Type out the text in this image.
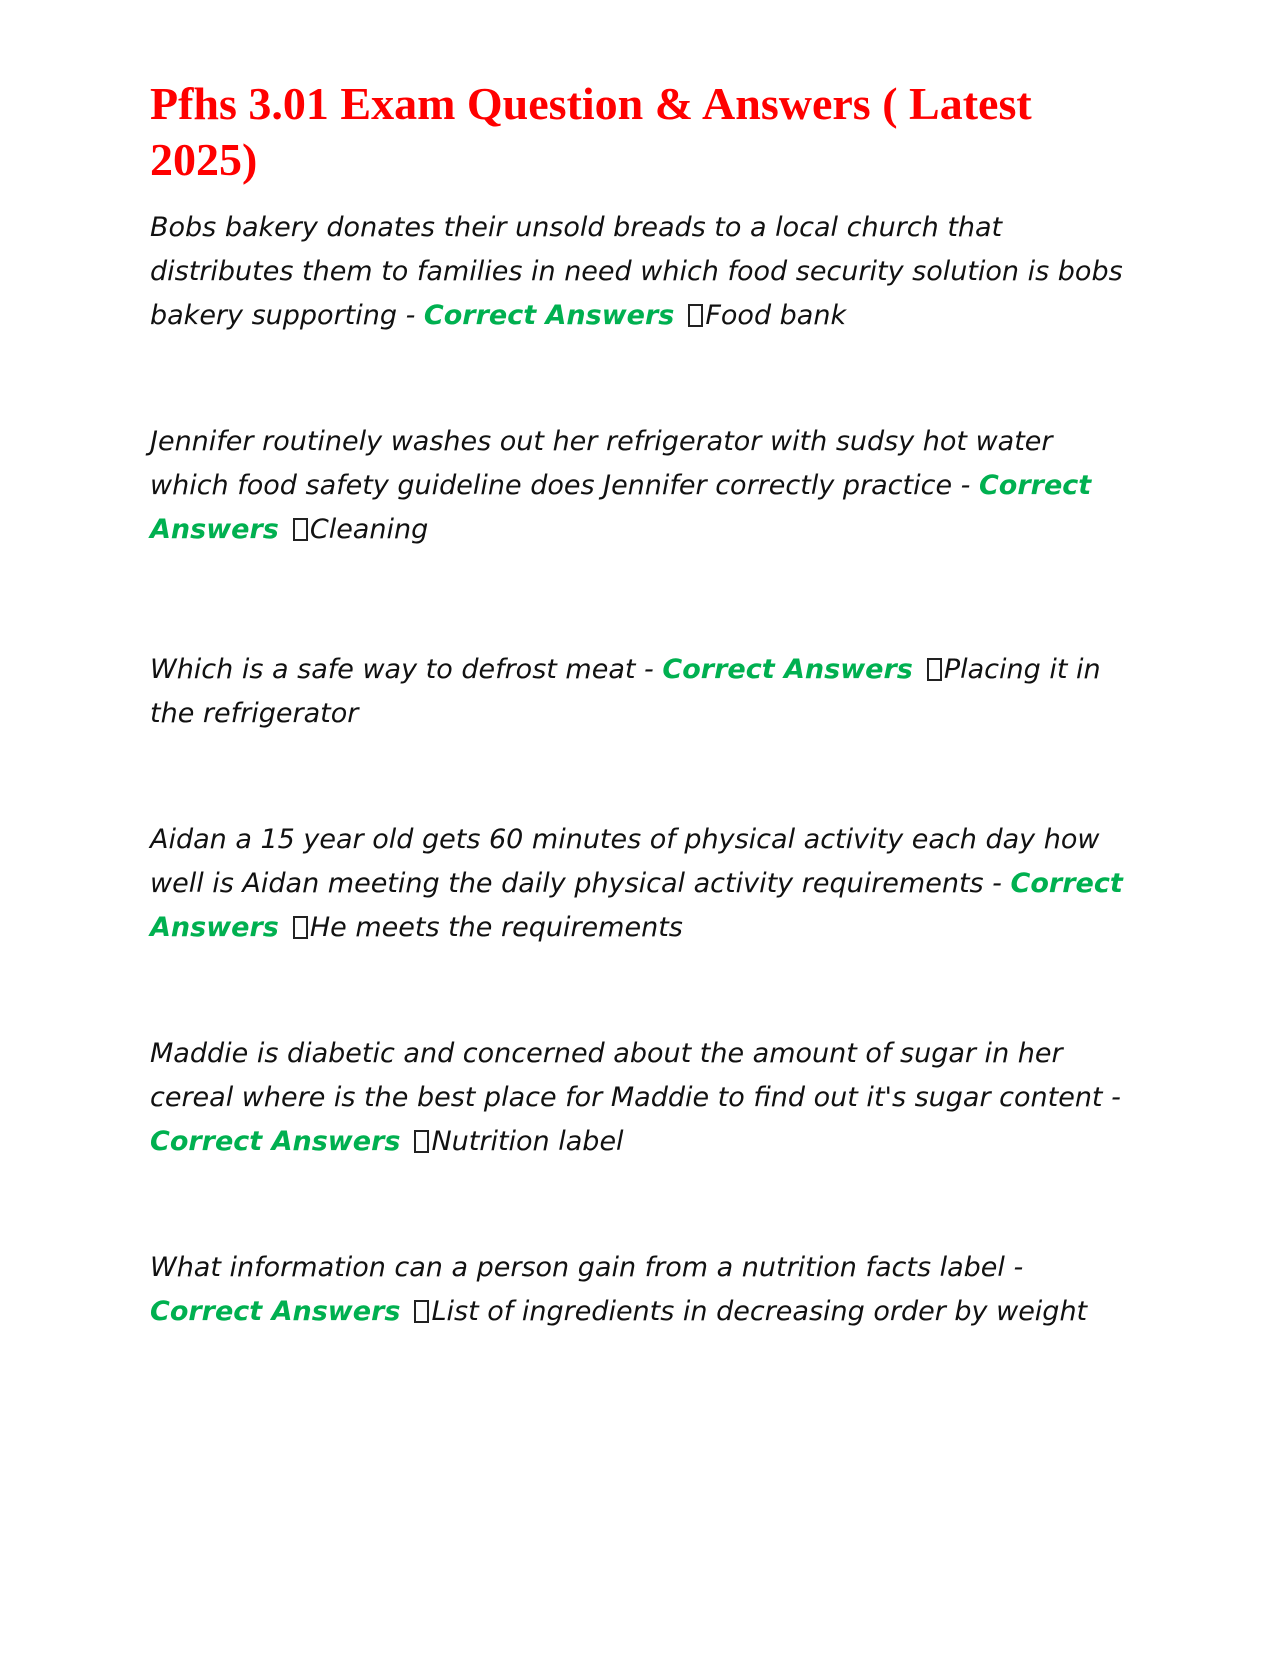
Pfhs 3.01 Exam Question & Answers ( Latest 2025)

Bobs bakery donates their unsold breads to a local church that distributes them to families in need which food security solution is bobs bakery supporting - Correct Answers Food bank

Jennifer routinely washes out her refrigerator with sudsy hot water which food safety guideline does Jennifer correctly practice - Correct Answers Cleaning

Which is a safe way to defrost meat - Correct Answers Placing it in the refrigerator

Aidan a 15 year old gets 60 minutes of physical activity each day how well is Aidan meeting the daily physical activity requirements - Correct Answers He meets the requirements

Maddie is diabetic and concerned about the amount of sugar in her cereal where is the best place for Maddie to find out it's sugar content - Correct Answers Nutrition label

What information can a person gain from a nutrition facts label - Correct Answers List of ingredients in decreasing order by weight
